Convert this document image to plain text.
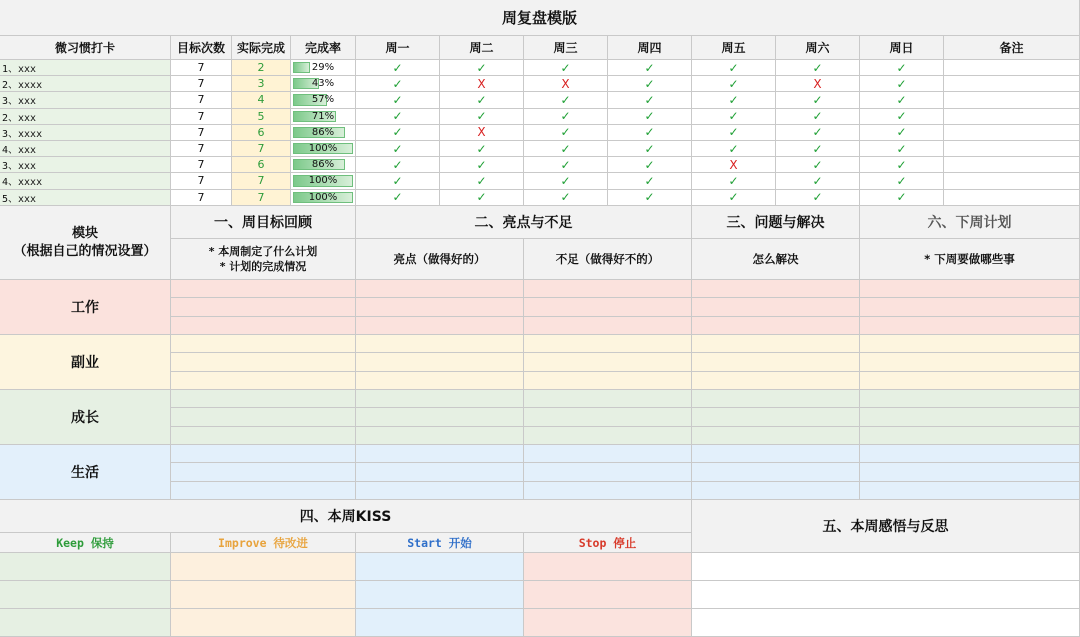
周复盘模版
微习惯打卡	目标次数 实际完成	完成率	周一	周二	周三	周四	周五	周六	周日	备注
1、xxx	7	2	29%	✓	✓	✓	✓	✓	✓	✓
2、xxxx	7	3	43%	✓	X	X	✓	✓	X	✓
3、xxx	7	4	57%	✓	✓	✓	✓	✓	✓	✓
2、xxx	7	5	71%	✓	✓	✓	✓	✓	✓	✓
3、xxxx	7	6	86%	✓	X	✓	✓	✓	✓	✓
4、xxx	7	7	100%	✓	✓	✓	✓	✓	✓	✓
3、xxx	7	6	86%	✓	✓	✓	✓	X	✓	✓
4、xxxx	7	7	100%	✓	✓	✓	✓	✓	✓	✓
5、xxx	7	7	100%	✓	✓	✓	✓	✓	✓	✓
模块
（根据自己的情况设置）
一、周目标回顾	二、亮点与不足	三、问题与解决	六、下周计划
* 本周制定了什么计划
* 计划的完成情况
亮点（做得好的）	不足（做得好不的）	怎么解决	* 下周要做哪些事
工作
副业
成长
生活
四、本周KISS
五、本周感悟与反思
Keep 保持	Improve 待改进	Start 开始	Stop 停止
